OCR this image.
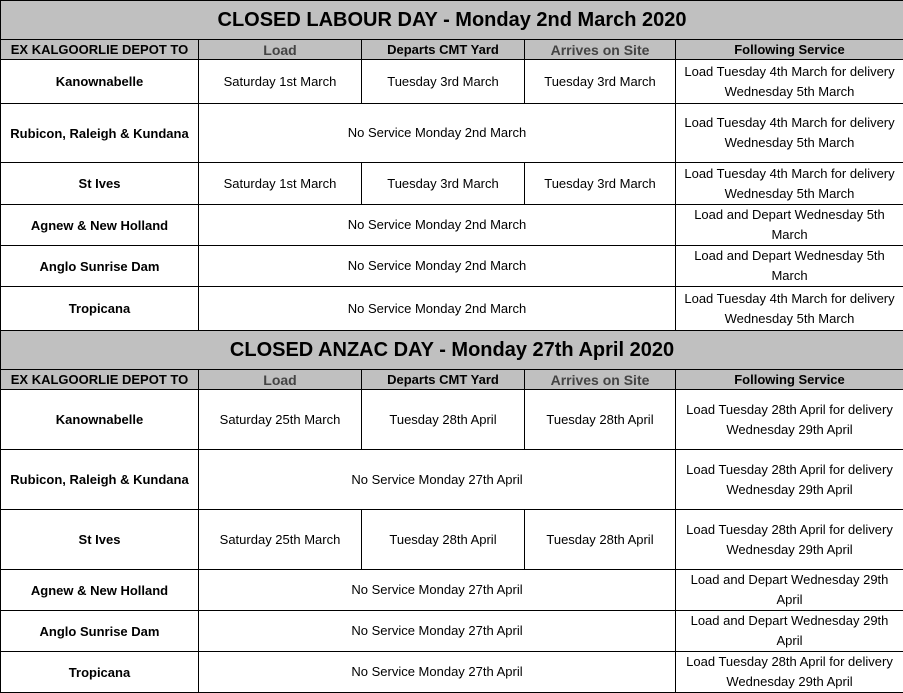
CLOSED LABOUR DAY - Monday 2nd March 2020				
EX KALGOORLIE DEPOT TO	Load	Departs CMT Yard	Arrives on Site	Following Service
Kanownabelle	Saturday 1st March	Tuesday 3rd March	Tuesday 3rd March	Load Tuesday 4th March for delivery Wednesday 5th March
Rubicon, Raleigh & Kundana	No Service Monday 2nd March			Load Tuesday 4th March for delivery Wednesday 5th March
St Ives	Saturday 1st March	Tuesday 3rd March	Tuesday 3rd March	Load Tuesday 4th March for delivery Wednesday 5th March
Agnew & New Holland	No Service Monday 2nd March			Load and Depart Wednesday 5th March
Anglo Sunrise Dam	No Service Monday 2nd March			Load and Depart Wednesday 5th March
Tropicana	No Service Monday 2nd March			Load Tuesday 4th March for delivery Wednesday 5th March
CLOSED ANZAC DAY - Monday 27th April 2020				
EX KALGOORLIE DEPOT TO	Load	Departs CMT Yard	Arrives on Site	Following Service
Kanownabelle	Saturday 25th March	Tuesday 28th April	Tuesday 28th April	Load Tuesday 28th April for delivery Wednesday 29th April
Rubicon, Raleigh & Kundana	No Service Monday 27th April			Load Tuesday 28th April for delivery Wednesday 29th April
St Ives	Saturday 25th March	Tuesday 28th April	Tuesday 28th April	Load Tuesday 28th April for delivery Wednesday 29th April
Agnew & New Holland	No Service Monday 27th April			Load and Depart Wednesday 29th April
Anglo Sunrise Dam	No Service Monday 27th April			Load and Depart Wednesday 29th April
Tropicana	No Service Monday 27th April			Load Tuesday 28th April for delivery Wednesday 29th April
